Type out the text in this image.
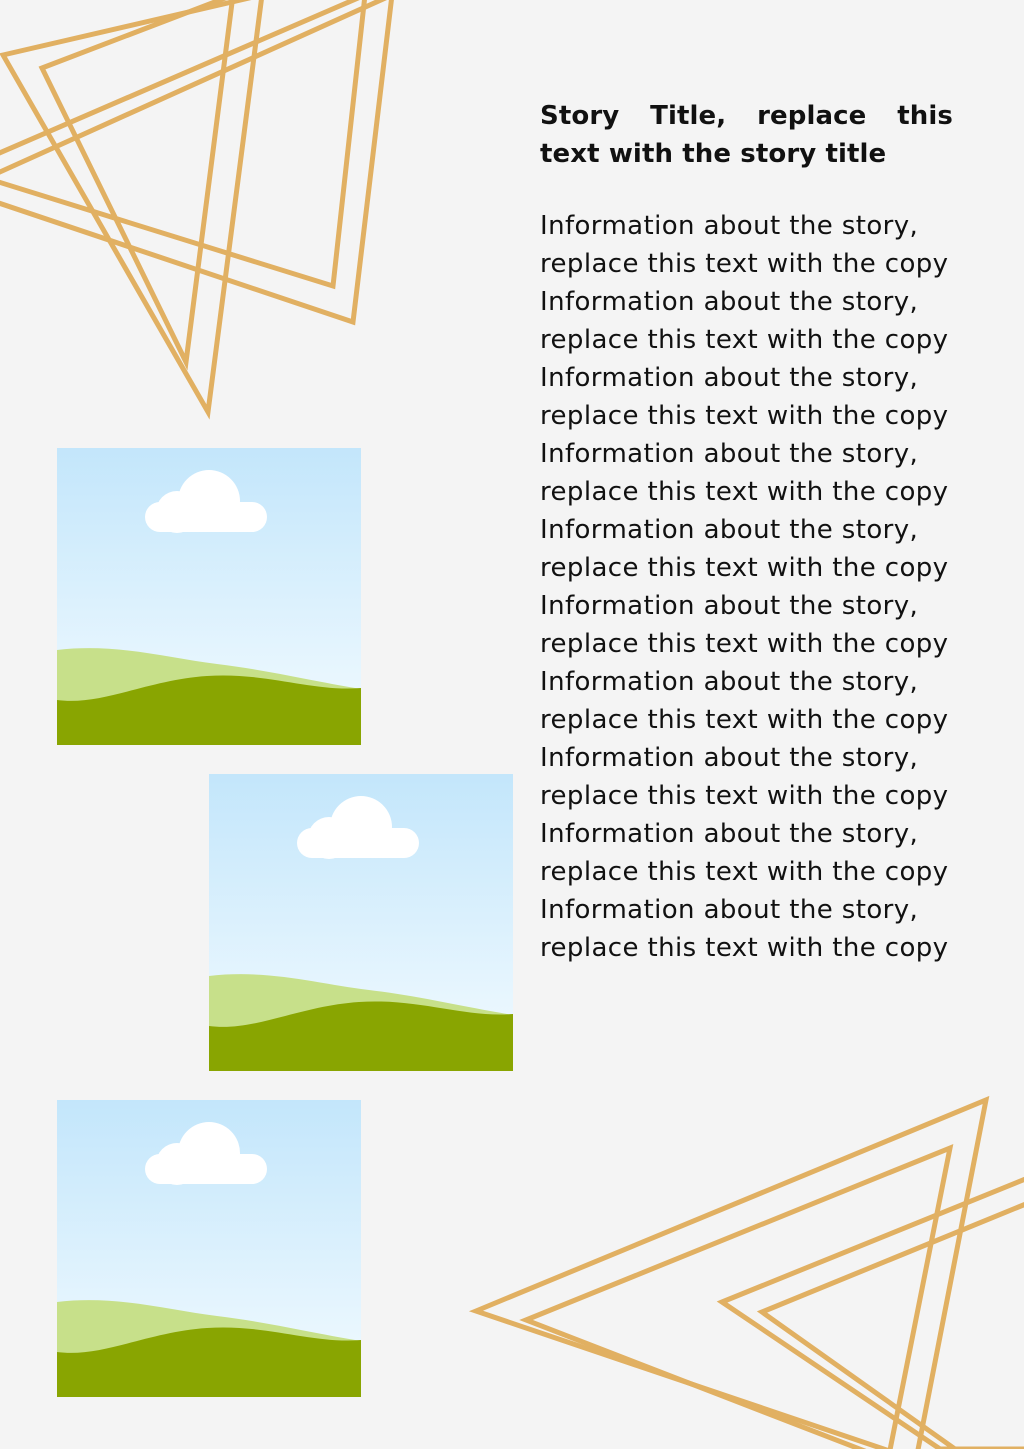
Story Title, replace this text with the story title

Information about the story, replace this text with the copy Information about the story, replace this text with the copy Information about the story, replace this text with the copy Information about the story, replace this text with the copy Information about the story, replace this text with the copy Information about the story, replace this text with the copy Information about the story, replace this text with the copy Information about the story, replace this text with the copy Information about the story, replace this text with the copy Information about the story, replace this text with the copy
